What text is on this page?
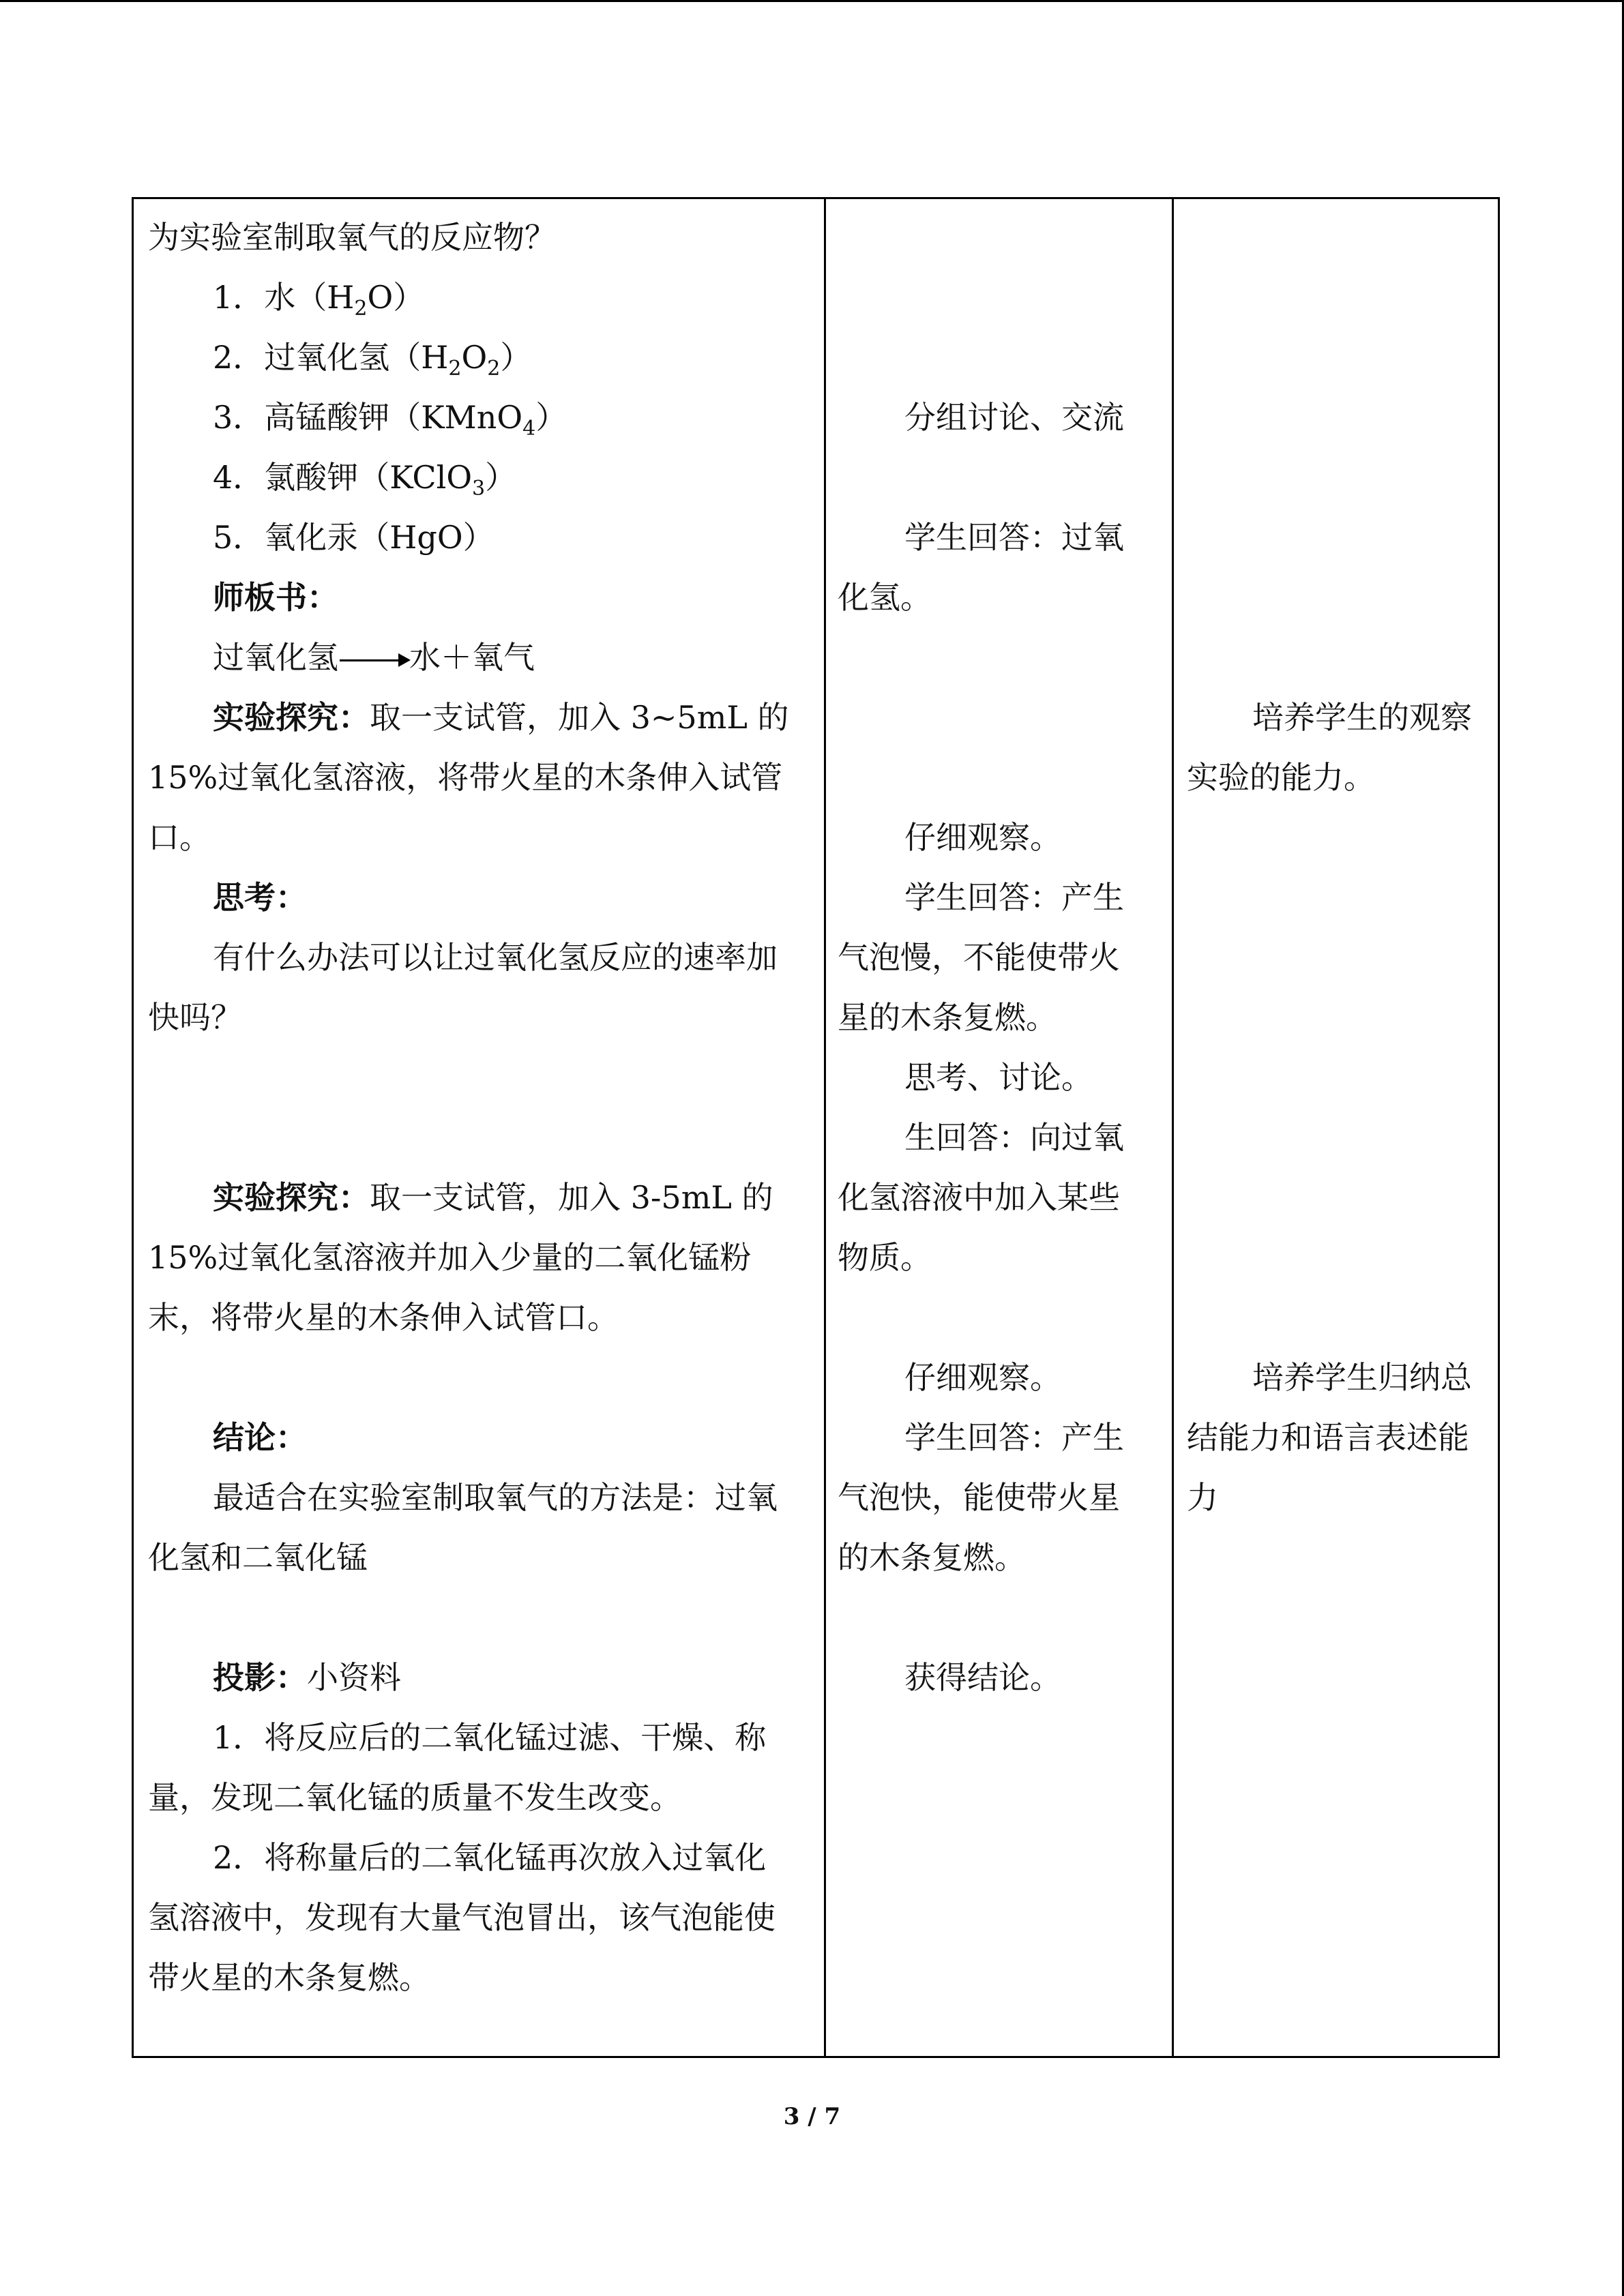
为实验室制取氧气的反应物？
1．水$(H_2O)$
2．过氧化氢$(H_2O_2)$
3．高锰酸钾（KMnO$_4$）
4．氯酸钾（KClO$_3$）
5．氧化汞（HgO）
师板书：
过氧化氢 → 水＋氧气
实验探究：取一支试管，加入 3~5mL 的
15%过氧化氢溶液，将带火星的木条伸入试管
口。
思考：
有什么办法可以让过氧化氢反应的速率加
快吗？
实验探究：取一支试管，加入 3-5mL 的
15%过氧化氢溶液并加入少量的二氧化锰粉
末，将带火星的木条伸入试管口。
结论：
最适合在实验室制取氧气的方法是：过氧
化氢和二氧化锰
投影：小资料
1．将反应后的二氧化锰过滤、干燥、称
量，发现二氧化锰的质量不发生改变。
2．将称量后的二氧化锰再次放入过氧化
氢溶液中，发现有大量气泡冒出，该气泡能使
带火星的木条复燃。
分组讨论、交流
学生回答：过氧
化氢。
仔细观察。
学生回答：产生
气泡慢，不能使带火
星的木条复燃。
思考、讨论。
生回答：向过氧
化氢溶液中加入某些
物质。
仔细观察。
学生回答：产生
气泡快，能使带火星
的木条复燃。
获得结论。
培养学生的观察
实验的能力。
培养学生归纳总
结能力和语言表述能
力
3 / 7
